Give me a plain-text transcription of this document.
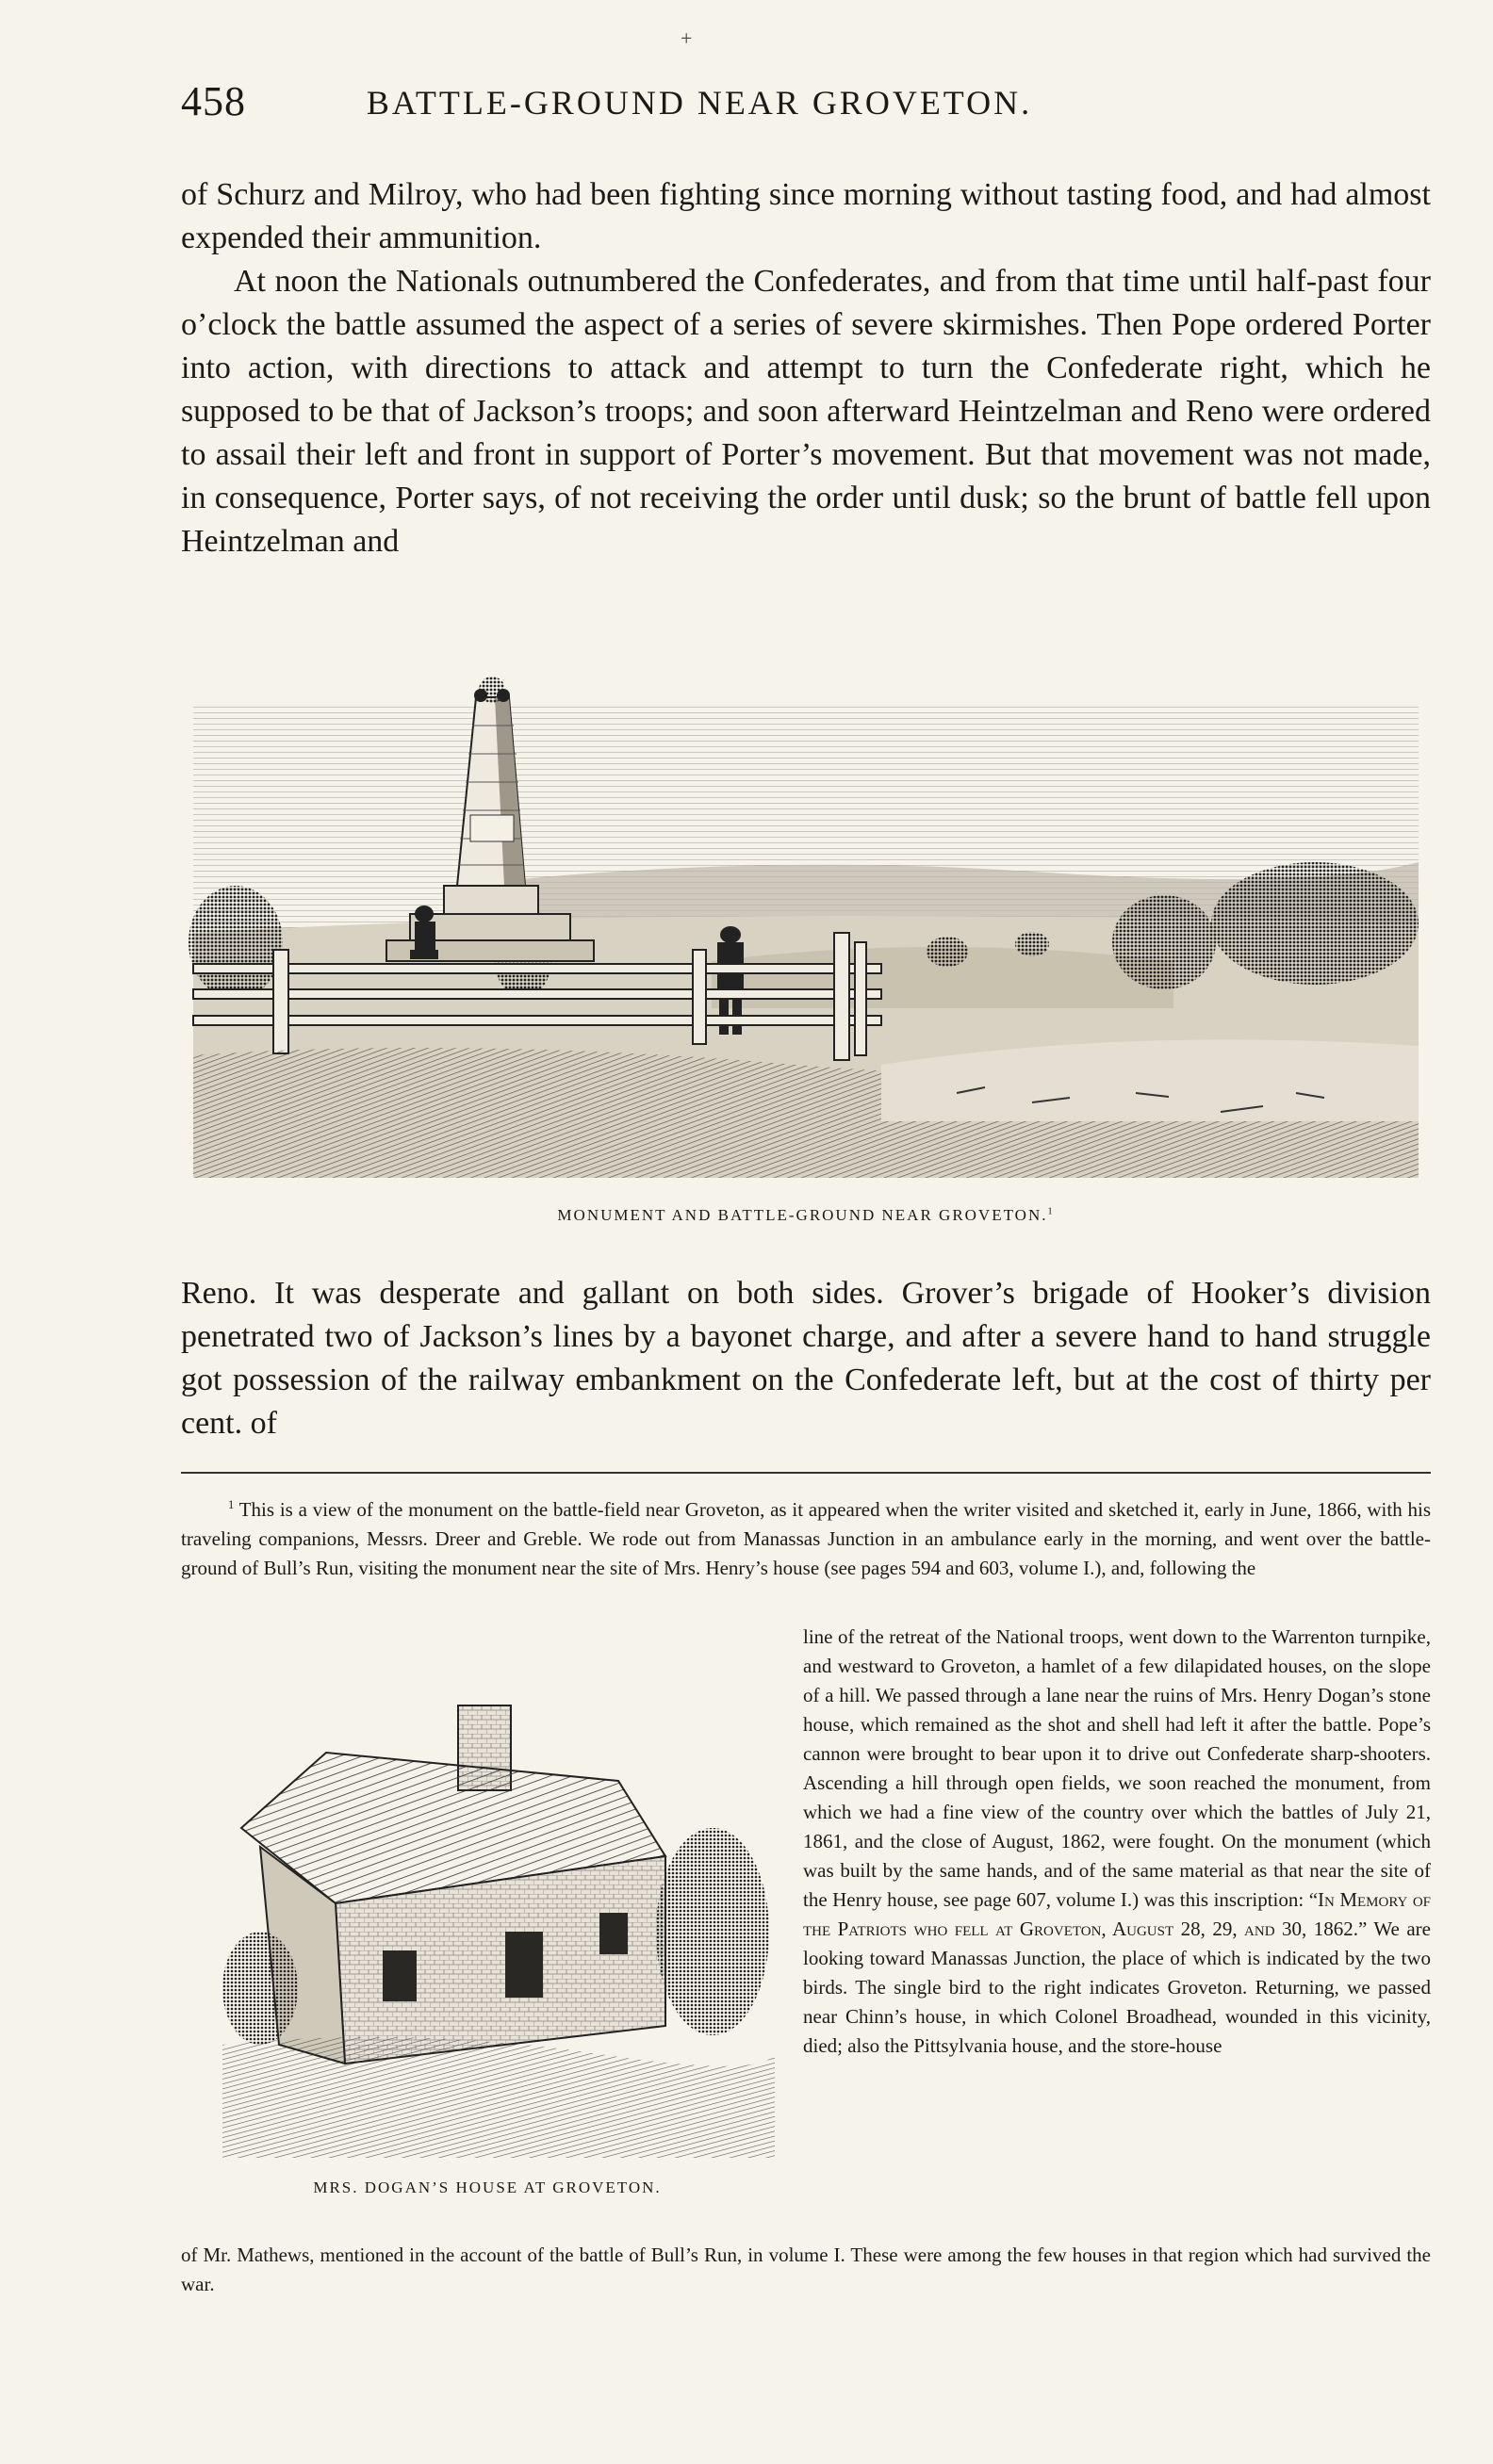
+
458	BATTLE-GROUND NEAR GROVETON.

of Schurz and Milroy, who had been fighting since morning without tasting food, and had almost expended their ammunition.

At noon the Nationals outnumbered the Confederates, and from that time until half-past four o’clock the battle assumed the aspect of a series of severe skirmishes. Then Pope ordered Porter into action, with directions to attack and attempt to turn the Confederate right, which he supposed to be that of Jackson’s troops; and soon afterward Heintzelman and Reno were ordered to assail their left and front in support of Porter’s movement. But that movement was not made, in consequence, Porter says, of not receiving the order until dusk; so the brunt of battle fell upon Heintzelman and

MONUMENT AND BATTLE-GROUND NEAR GROVETON.$^1$

Reno. It was desperate and gallant on both sides. Grover’s brigade of Hooker’s division penetrated two of Jackson’s lines by a bayonet charge, and after a severe hand to hand struggle got possession of the railway embankment on the Confederate left, but at the cost of thirty per cent. of

$^1$ This is a view of the monument on the battle-field near Groveton, as it appeared when the writer visited and sketched it, early in June, 1866, with his traveling companions, Messrs. Dreer and Greble. We rode out from Manassas Junction in an ambulance early in the morning, and went over the battle-ground of Bull’s Run, visiting the monument near the site of Mrs. Henry’s house (see pages 594 and 603, volume I.), and, following the

MRS. DOGAN’S HOUSE AT GROVETON.

line of the retreat of the National troops, went down to the Warrenton turnpike, and westward to Groveton, a hamlet of a few dilapidated houses, on the slope of a hill. We passed through a lane near the ruins of Mrs. Henry Dogan’s stone house, which remained as the shot and shell had left it after the battle. Pope’s cannon were brought to bear upon it to drive out Confederate sharp-shooters. Ascending a hill through open fields, we soon reached the monument, from which we had a fine view of the country over which the battles of July 21, 1861, and the close of August, 1862, were fought. On the monument (which was built by the same hands, and of the same material as that near the site of the Henry house, see page 607, volume I.) was this inscription: “In Memory of the Patriots who fell at Groveton, August 28, 29, and 30, 1862.” We are looking toward Manassas Junction, the place of which is indicated by the two birds. The single bird to the right indicates Groveton. Returning, we passed near Chinn’s house, in which Colonel Broadhead, wounded in this vicinity, died; also the Pittsylvania house, and the store-house

of Mr. Mathews, mentioned in the account of the battle of Bull’s Run, in volume I. These were among the few houses in that region which had survived the war.
